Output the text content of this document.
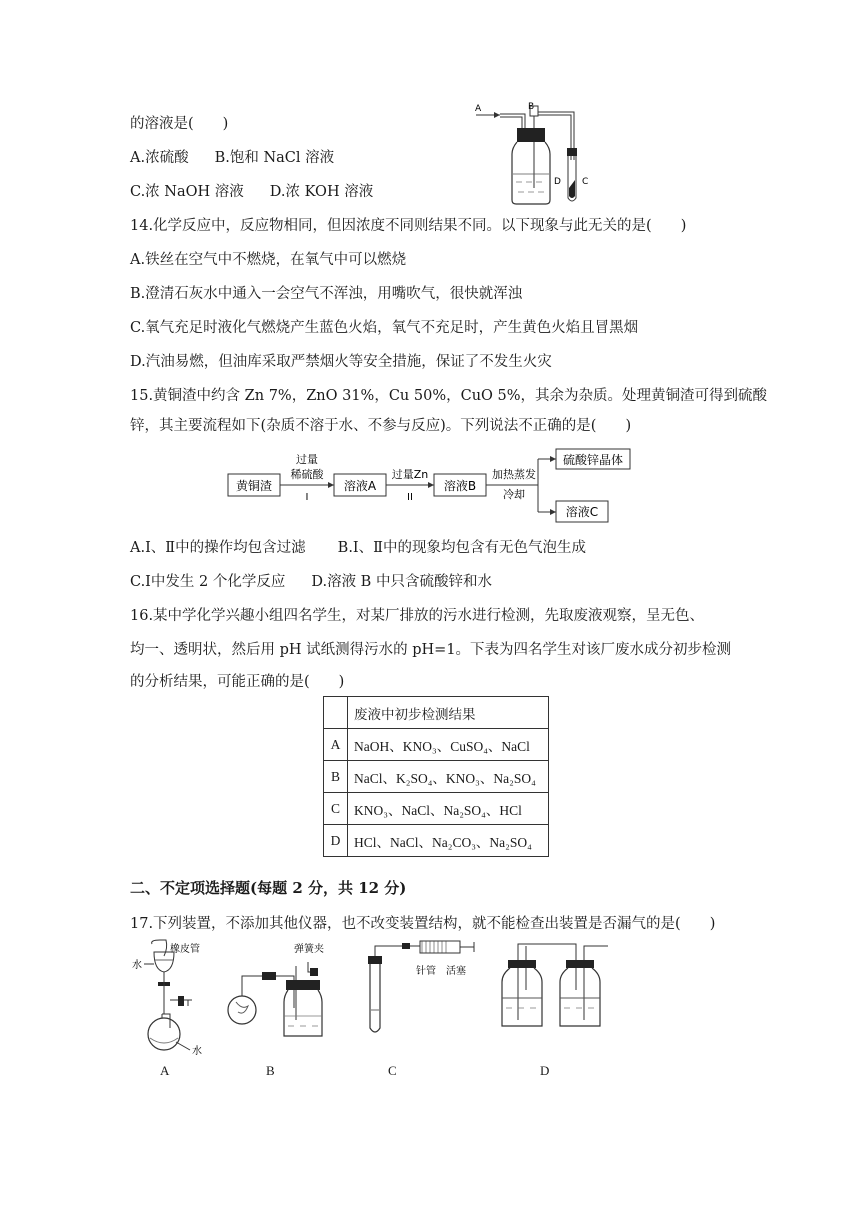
的溶液是(　　)
A.浓硫酸 B.饱和 NaCl 溶液
C.浓 NaOH 溶液 D.浓 KOH 溶液
A	B
D C
14.化学反应中，反应物相同，但因浓度不同则结果不同。以下现象与此无关的是(　　)
A.铁丝在空气中不燃烧，在氧气中可以燃烧
B.澄清石灰水中通入一会空气不浑浊，用嘴吹气，很快就浑浊
C.氧气充足时液化气燃烧产生蓝色火焰，氧气不充足时，产生黄色火焰且冒黑烟
D.汽油易燃，但油库采取严禁烟火等安全措施，保证了不发生火灾
15.黄铜渣中约含 Zn 7%，ZnO 31%，Cu 50%，CuO 5%，其余为杂质。处理黄铜渣可得到硫酸
锌，其主要流程如下(杂质不溶于水、不参与反应)。下列说法不正确的是(　　)
黄铜渣
过量
稀硫酸
I
溶液A
过量Zn
II
溶液B
加热蒸发
冷却
硫酸锌晶体
溶液C
A.Ⅰ、Ⅱ中的操作均包含过滤 B.Ⅰ、Ⅱ中的现象均包含有无色气泡生成
C.Ⅰ中发生 2 个化学反应 D.溶液 B 中只含硫酸锌和水
16.某中学化学兴趣小组四名学生，对某厂排放的污水进行检测，先取废液观察，呈无色、
均一、透明状，然后用 pH 试纸测得污水的 pH=1。下表为四名学生对该厂废水成分初步检测
的分析结果，可能正确的是(　　)
	废液中初步检测结果
A	NaOH、KNO₃、CuSO₄、NaCl
B	NaCl、K₂SO₄、KNO₃、Na₂SO₄
C	KNO₃、NaCl、Na₂SO₄、HCl
D	HCl、NaCl、Na₂CO₃、Na₂SO₄
二、不定项选择题(每题 2 分，共 12 分)
17.下列装置，不添加其他仪器，也不改变装置结构，就不能检查出装置是否漏气的是(　　)
橡皮管
水
水
弹簧夹
针管 活塞
A	B	C	D
